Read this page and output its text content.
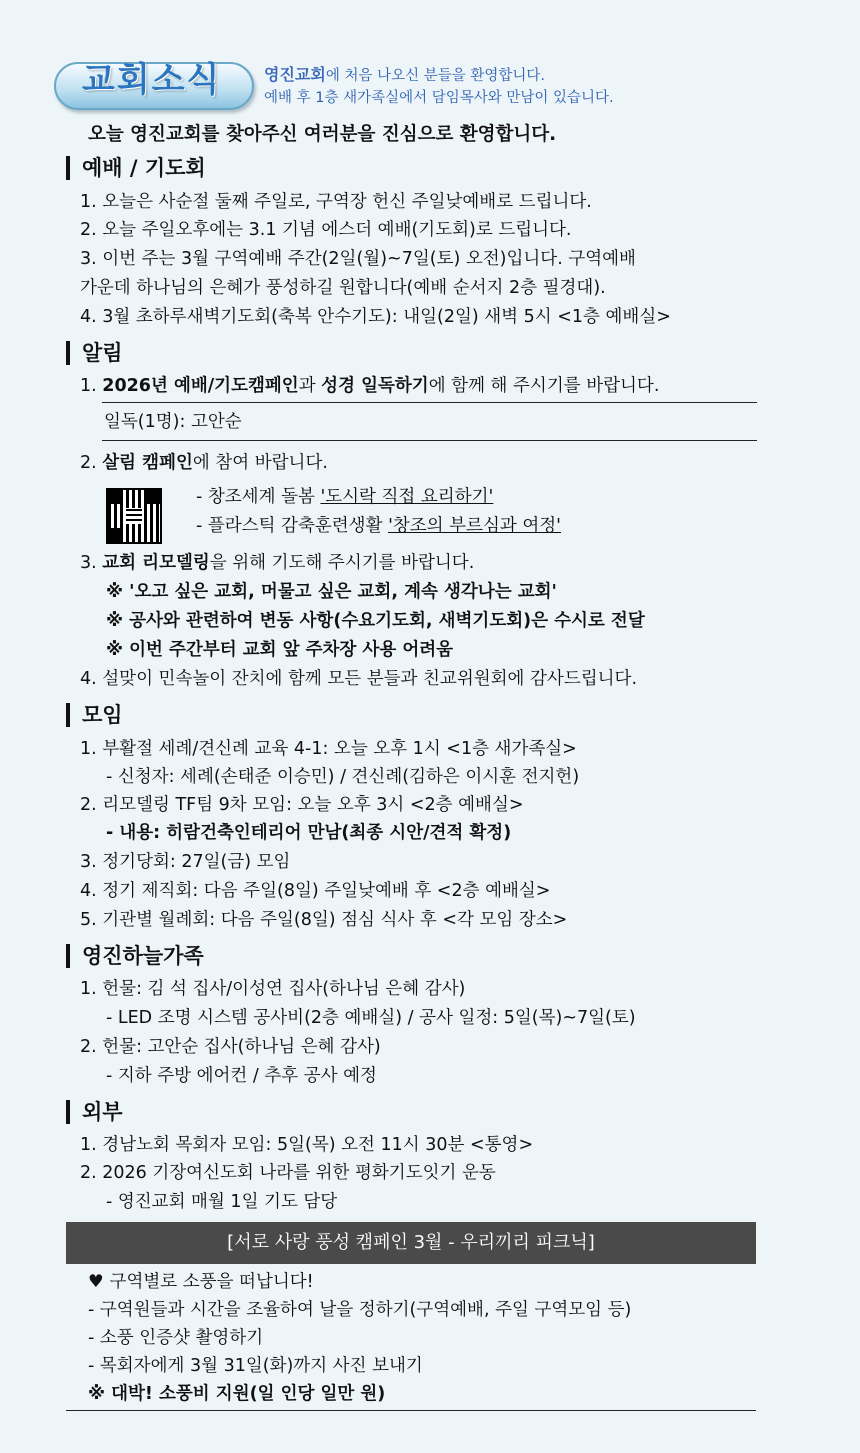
교회소식	영진교회에 처음 나오신 분들을 환영합니다.
예배 후 1층 새가족실에서 담임목사와 만남이 있습니다.
오늘 영진교회를 찾아주신 여러분을 진심으로 환영합니다.
예배 / 기도회
1. 오늘은 사순절 둘째 주일로, 구역장 헌신 주일낮예배로 드립니다.
2. 오늘 주일오후에는 3.1 기념 에스더 예배(기도회)로 드립니다.
3. 이번 주는 3월 구역예배 주간(2일(월)~7일(토) 오전)입니다. 구역예배
가운데 하나님의 은혜가 풍성하길 원합니다(예배 순서지 2층 필경대).
4. 3월 초하루새벽기도회(축복 안수기도): 내일(2일) 새벽 5시 <1층 예배실>
알림
1. 2026년 예배/기도캠페인과 성경 일독하기에 함께 해 주시기를 바랍니다.
일독(1명): 고안순
2. 살림 캠페인에 참여 바랍니다.
- 창조세계 돌봄 '도시락 직접 요리하기'
- 플라스틱 감축훈련생활 '창조의 부르심과 여정'
3. 교회 리모델링을 위해 기도해 주시기를 바랍니다.
※ '오고 싶은 교회, 머물고 싶은 교회, 계속 생각나는 교회'
※ 공사와 관련하여 변동 사항(수요기도회, 새벽기도회)은 수시로 전달
※ 이번 주간부터 교회 앞 주차장 사용 어려움
4. 설맞이 민속놀이 잔치에 함께 모든 분들과 친교위원회에 감사드립니다.
모임
1. 부활절 세례/견신례 교육 4-1: 오늘 오후 1시 <1층 새가족실>
- 신청자: 세례(손태준 이승민) / 견신례(김하은 이시훈 전지헌)
2. 리모델링 TF팀 9차 모임: 오늘 오후 3시 <2층 예배실>
- 내용: 히람건축인테리어 만남(최종 시안/견적 확정)
3. 정기당회: 27일(금) 모임
4. 정기 제직회: 다음 주일(8일) 주일낮예배 후 <2층 예배실>
5. 기관별 월례회: 다음 주일(8일) 점심 식사 후 <각 모임 장소>
영진하늘가족
1. 헌물: 김 석 집사/이성연 집사(하나님 은혜 감사)
- LED 조명 시스템 공사비(2층 예배실) / 공사 일정: 5일(목)~7일(토)
2. 헌물: 고안순 집사(하나님 은혜 감사)
- 지하 주방 에어컨 / 추후 공사 예정
외부
1. 경남노회 목회자 모임: 5일(목) 오전 11시 30분 <통영>
2. 2026 기장여신도회 나라를 위한 평화기도잇기 운동
- 영진교회 매월 1일 기도 담당
[서로 사랑 풍성 캠페인 3월 - 우리끼리 피크닉]
♥ 구역별로 소풍을 떠납니다!
- 구역원들과 시간을 조율하여 날을 정하기(구역예배, 주일 구역모임 등)
- 소풍 인증샷 촬영하기
- 목회자에게 3월 31일(화)까지 사진 보내기
※ 대박! 소풍비 지원(일 인당 일만 원)
